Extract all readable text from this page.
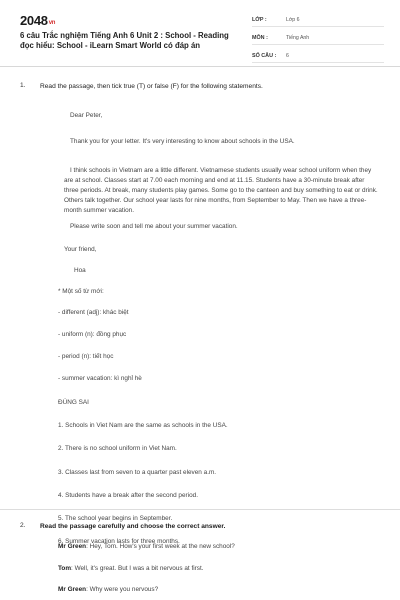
2048vn
6 câu Trắc nghiệm Tiếng Anh 6 Unit 2 : School - Reading đọc hiểu: School - iLearn Smart World có đáp án
LỚP :	Lớp 6
MÔN :	Tiếng Anh
SỐ CÂU :	6
1. Read the passage, then tick true (T) or false (F) for the following statements.
Dear Peter,
Thank you for your letter. It's very interesting to know about schools in the USA.
I think schools in Vietnam are a little different. Vietnamese students usually wear school uniform when they are at school. Classes start at 7.00 each morning and end at 11.15. Students have a 30-minute break after three periods. At break, many students play games. Some go to the canteen and buy something to eat or drink. Others talk together. Our school year lasts for nine months, from September to May. Then we have a three-month summer vacation.
Please write soon and tell me about your summer vacation.
Your friend,
Hoa
* Một số từ mới:
- different (adj): khác biệt
- uniform (n): đồng phục
- period (n): tiết học
- summer vacation: kì nghỉ hè
ĐÚNG SAI
1. Schools in Viet Nam are the same as schools in the USA.
2. There is no school uniform in Viet Nam.
3. Classes last from seven to a quarter past eleven a.m.
4. Students have a break after the second period.
5. The school year begins in September.
6. Summer vacation lasts for three months.
2. Read the passage carefully and choose the correct answer.
Mr Green: Hey, Tom. How's your first week at the new school?
Tom: Well, it's great. But I was a bit nervous at first.
Mr Green: Why were you nervous?
